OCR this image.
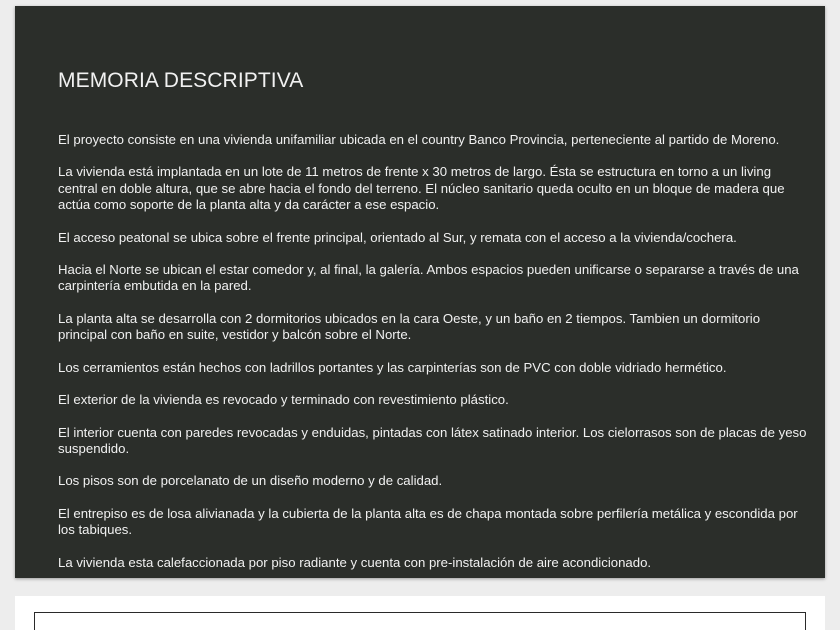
MEMORIA DESCRIPTIVA
El proyecto consiste en una vivienda unifamiliar ubicada en el country Banco Provincia, perteneciente al partido de Moreno.
La vivienda está implantada en un lote de 11 metros de frente x 30 metros de largo. Ésta se estructura en torno a un living central en doble altura, que se abre hacia el fondo del terreno. El núcleo sanitario queda oculto en un bloque de madera que actúa como soporte de la planta alta y da carácter a ese espacio.
El acceso peatonal se ubica sobre el frente principal, orientado al Sur, y remata con el acceso a la vivienda/cochera.
Hacia el Norte se ubican el estar comedor y, al final, la galería. Ambos espacios pueden unificarse o separarse a través de una carpintería embutida en la pared.
La planta alta se desarrolla con 2 dormitorios ubicados en la cara Oeste, y un baño en 2 tiempos. Tambien un dormitorio principal con baño en suite, vestidor y balcón sobre el Norte.
Los cerramientos están hechos con ladrillos portantes y las carpinterías son de PVC con doble vidriado hermético.
El exterior de la vivienda es revocado y terminado con revestimiento plástico.
El interior cuenta con paredes revocadas y enduidas, pintadas con látex satinado interior. Los cielorrasos son de placas de yeso suspendido.
Los pisos son de porcelanato de un diseño moderno y de calidad.
El entrepiso es de losa alivianada y la cubierta de la planta alta es de chapa montada sobre perfilería metálica y escondida por los tabiques.
La vivienda esta calefaccionada por piso radiante y cuenta con pre-instalación de aire acondicionado.
